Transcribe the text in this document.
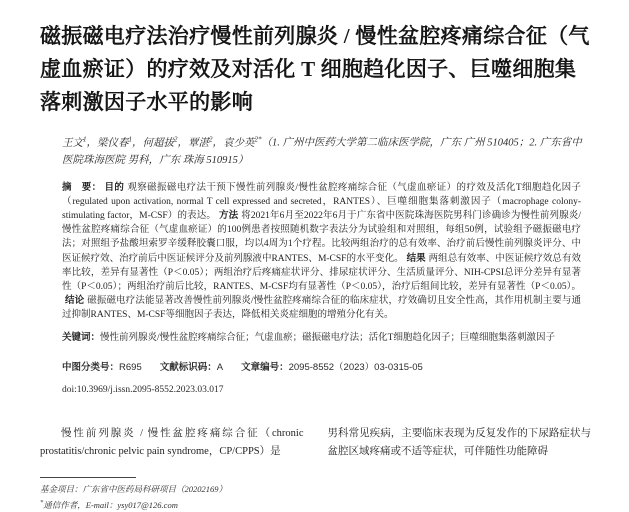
磁振磁电疗法治疗慢性前列腺炎 / 慢性盆腔疼痛综合征（气虚血瘀证）的疗效及对活化 T 细胞趋化因子、巨噬细胞集落刺激因子水平的影响

王文$^1$，梁仪春$^1$，何超拔$^2$，覃湛$^2$，袁少英$^{2*}$（1. 广州中医药大学第二临床医学院，广东 广州 510405；2. 广东省中医院珠海医院 男科，广东 珠海 510915）

摘　要： 目的 观察磁振磁电疗法干预下慢性前列腺炎/慢性盆腔疼痛综合征（气虚血瘀证）的疗效及活化T细胞趋化因子（regulated upon activation, normal T cell expressed and secreted，RANTES）、巨噬细胞集落刺激因子（macrophage colony-stimulating factor，M-CSF）的表达。 方法 将2021年6月至2022年6月于广东省中医院珠海医院男科门诊确诊为慢性前列腺炎/慢性盆腔疼痛综合征（气虚血瘀证）的100例患者按照随机数字表法分为试验组和对照组，每组50例，试验组予磁振磁电疗法；对照组予盐酸坦索罗辛缓释胶囊口服，均以4周为1个疗程。比较两组治疗的总有效率、治疗前后慢性前列腺炎评分、中医证候疗效、治疗前后中医证候评分及前列腺液中RANTES、M-CSF的水平变化。 结果 两组总有效率、中医证候疗效总有效率比较，差异有显著性（P＜0.05）；两组治疗后疼痛症状评分、排尿症状评分、生活质量评分、NIH-CPSI总评分差异有显著性（P＜0.05）；两组治疗前后比较，RANTES、M-CSF均有显著性（P＜0.05），治疗后组间比较，差异有显著性（P＜0.05）。结论 磁振磁电疗法能显著改善慢性前列腺炎/慢性盆腔疼痛综合征的临床症状，疗效确切且安全性高，其作用机制主要与通过抑制RANTES、M-CSF等细胞因子表达，降低相关炎症细胞的增殖分化有关。

关键词：慢性前列腺炎/慢性盆腔疼痛综合征；气虚血瘀；磁振磁电疗法；活化T细胞趋化因子；巨噬细胞集落刺激因子

中图分类号：R695 文献标识码：A 文章编号：2095-8552（2023）03-0315-05

doi:10.3969/j.issn.2095-8552.2023.03.017

慢性前列腺炎 / 慢性盆腔疼痛综合征（chronic prostatitis/chronic pelvic pain syndrome，CP/CPPS）是

基金项目：广东省中医药局科研项目（20202169）
*通信作者，E-mail：ysy017@126.com

男科常见疾病，主要临床表现为反复发作的下尿路症状与盆腔区域疼痛或不适等症状，可伴随性功能障碍
